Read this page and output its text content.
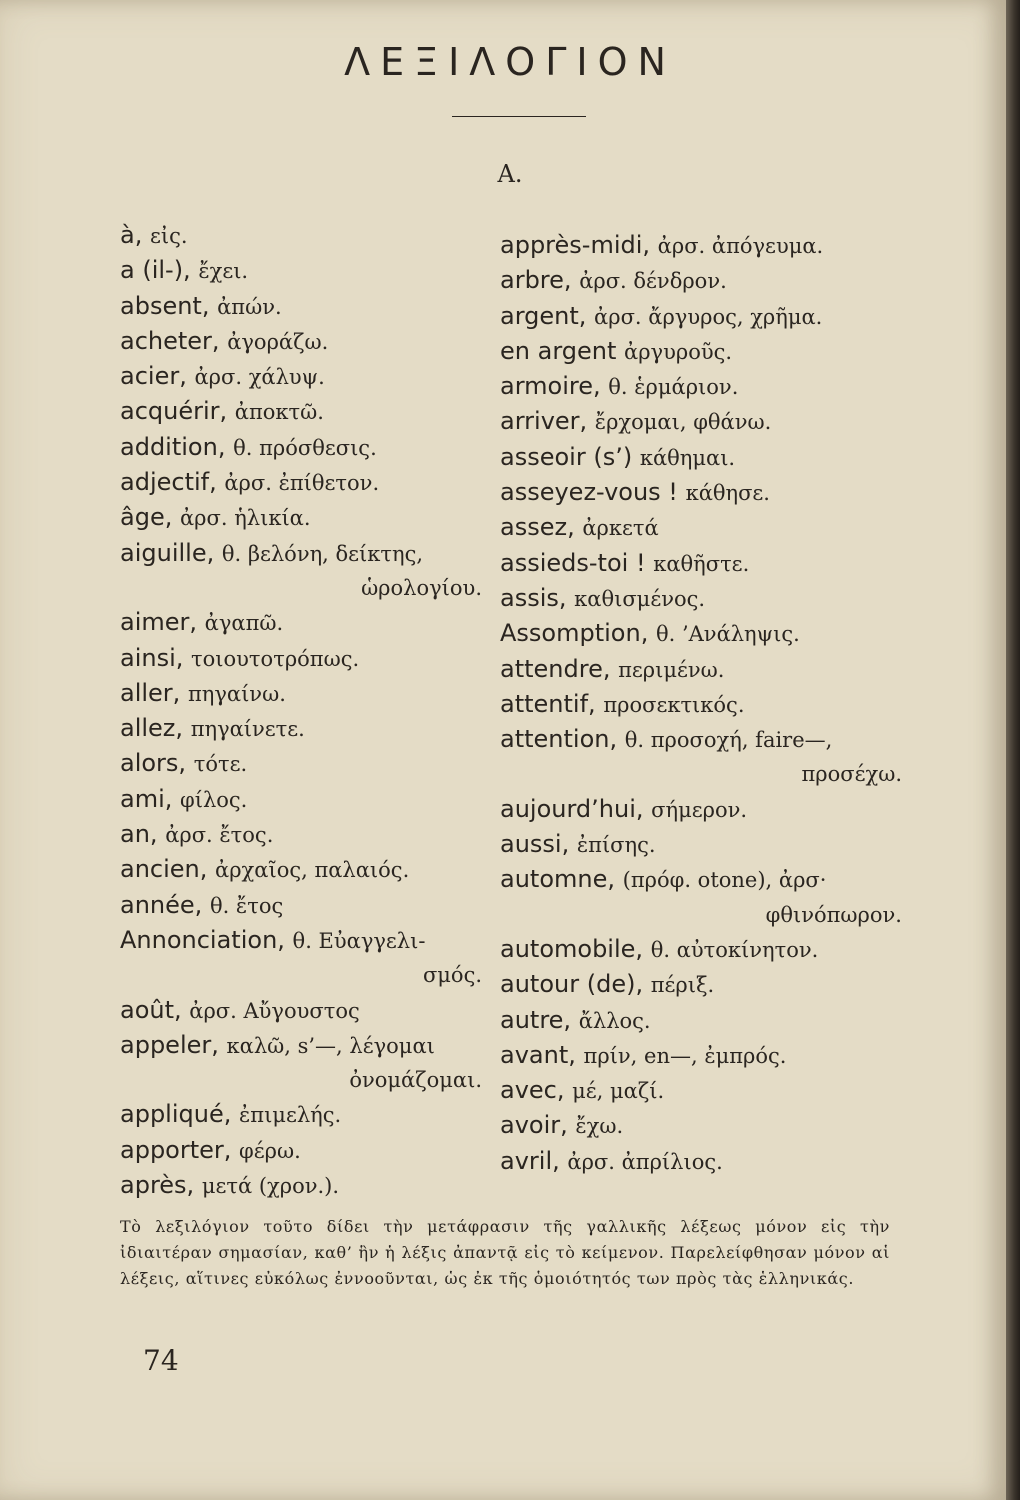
ΛΕΞΙΛΟΓΙΟΝ
A.
à, εἰς.
a (il-), ἔχει.
absent, ἀπών.
acheter, ἀγοράζω.
acier, ἀρσ. χάλυψ.
acquérir, ἀποκτῶ.
addition, θ. πρόσθεσις.
adjectif, ἀρσ. ἐπίθετον.
âge, ἀρσ. ἡλικία.
aiguille, θ. βελόνη, δείκτης,
ὡρολογίου.
aimer, ἀγαπῶ.
ainsi, τοιουτοτρόπως.
aller, πηγαίνω.
allez, πηγαίνετε.
alors, τότε.
ami, φίλος.
an, ἀρσ. ἔτος.
ancien, ἀρχαῖος, παλαιός.
année, θ. ἔτος
Annonciation, θ. Εὐαγγελι-
σμός.
août, ἀρσ. Αὔγουστος
appeler, καλῶ, s’—, λέγομαι
ὀνομάζομαι.
appliqué, ἐπιμελής.
apporter, φέρω.
après, μετά (χρον.).
apprès-midi, ἀρσ. ἀπόγευμα.
arbre, ἀρσ. δένδρον.
argent, ἀρσ. ἄργυρος, χρῆμα.
en argent ἀργυροῦς.
armoire, θ. ἑρμάριον.
arriver, ἔρχομαι, φθάνω.
asseoir (s’) κάθημαι.
asseyez-vous ! κάθησε.
assez, ἀρκετά
assieds-toi ! καθῆστε.
assis, καθισμένος.
Assomption, θ. ’Ανάληψις.
attendre, περιμένω.
attentif, προσεκτικός.
attention, θ. προσοχή, faire—,
προσέχω.
aujourd’hui, σήμερον.
aussi, ἐπίσης.
automne, (πρόφ. otone), ἀρσ·
φθινόπωρον.
automobile, θ. αὐτοκίνητον.
autour (de), πέριξ.
autre, ἄλλος.
avant, πρίν, en—, ἐμπρός.
avec, μέ, μαζί.
avoir, ἔχω.
avril, ἀρσ. ἀπρίλιος.

Τὸ λεξιλόγιον τοῦτο δίδει τὴν μετάφρασιν τῆς γαλλικῆς λέξεως μόνον εἰς τὴν ἰδιαιτέραν σημασίαν, καθ’ ἣν ἡ λέξις ἀπαντᾷ εἰς τὸ κείμενον. Παρελείφθησαν μόνον αἱ λέξεις, αἵτινες εὐκόλως ἐννοοῦνται, ὡς ἐκ τῆς ὁμοιότητός των πρὸς τὰς ἑλληνικάς.

74
